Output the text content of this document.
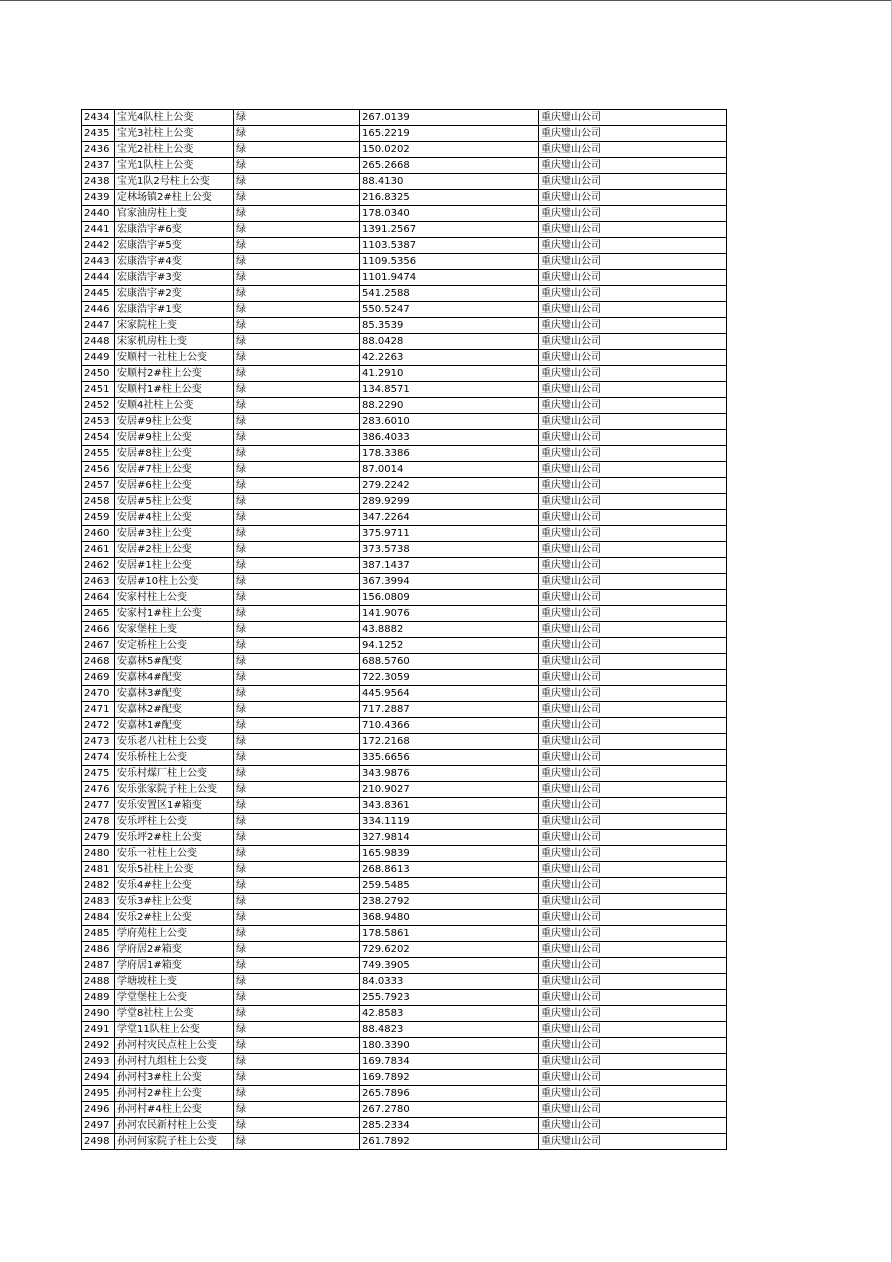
2434	宝光4队柱上公变	绿	267.0139	重庆璧山公司
2435	宝光3社柱上公变	绿	165.2219	重庆璧山公司
2436	宝光2社柱上公变	绿	150.0202	重庆璧山公司
2437	宝光1队柱上公变	绿	265.2668	重庆璧山公司
2438	宝光1队2号柱上公变	绿	88.4130	重庆璧山公司
2439	定林场镇2#柱上公变	绿	216.8325	重庆璧山公司
2440	官家油房柱上变	绿	178.0340	重庆璧山公司
2441	宏康浩宇#6变	绿	1391.2567	重庆璧山公司
2442	宏康浩宇#5变	绿	1103.5387	重庆璧山公司
2443	宏康浩宇#4变	绿	1109.5356	重庆璧山公司
2444	宏康浩宇#3变	绿	1101.9474	重庆璧山公司
2445	宏康浩宇#2变	绿	541.2588	重庆璧山公司
2446	宏康浩宇#1变	绿	550.5247	重庆璧山公司
2447	宋家院柱上变	绿	85.3539	重庆璧山公司
2448	宋家机房柱上变	绿	88.0428	重庆璧山公司
2449	安顺村一社柱上公变	绿	42.2263	重庆璧山公司
2450	安顺村2#柱上公变	绿	41.2910	重庆璧山公司
2451	安顺村1#柱上公变	绿	134.8571	重庆璧山公司
2452	安顺4社柱上公变	绿	88.2290	重庆璧山公司
2453	安居#9柱上公变	绿	283.6010	重庆璧山公司
2454	安居#9柱上公变	绿	386.4033	重庆璧山公司
2455	安居#8柱上公变	绿	178.3386	重庆璧山公司
2456	安居#7柱上公变	绿	87.0014	重庆璧山公司
2457	安居#6柱上公变	绿	279.2242	重庆璧山公司
2458	安居#5柱上公变	绿	289.9299	重庆璧山公司
2459	安居#4柱上公变	绿	347.2264	重庆璧山公司
2460	安居#3柱上公变	绿	375.9711	重庆璧山公司
2461	安居#2柱上公变	绿	373.5738	重庆璧山公司
2462	安居#1柱上公变	绿	387.1437	重庆璧山公司
2463	安居#10柱上公变	绿	367.3994	重庆璧山公司
2464	安家村柱上公变	绿	156.0809	重庆璧山公司
2465	安家村1#柱上公变	绿	141.9076	重庆璧山公司
2466	安家堡柱上变	绿	43.8882	重庆璧山公司
2467	安定桥柱上公变	绿	94.1252	重庆璧山公司
2468	安嘉林5#配变	绿	688.5760	重庆璧山公司
2469	安嘉林4#配变	绿	722.3059	重庆璧山公司
2470	安嘉林3#配变	绿	445.9564	重庆璧山公司
2471	安嘉林2#配变	绿	717.2887	重庆璧山公司
2472	安嘉林1#配变	绿	710.4366	重庆璧山公司
2473	安乐老八社柱上公变	绿	172.2168	重庆璧山公司
2474	安乐桥柱上公变	绿	335.6656	重庆璧山公司
2475	安乐村煤厂柱上公变	绿	343.9876	重庆璧山公司
2476	安乐张家院子柱上公变	绿	210.9027	重庆璧山公司
2477	安乐安置区1#箱变	绿	343.8361	重庆璧山公司
2478	安乐坪柱上公变	绿	334.1119	重庆璧山公司
2479	安乐坪2#柱上公变	绿	327.9814	重庆璧山公司
2480	安乐一社柱上公变	绿	165.9839	重庆璧山公司
2481	安乐5社柱上公变	绿	268.8613	重庆璧山公司
2482	安乐4#柱上公变	绿	259.5485	重庆璧山公司
2483	安乐3#柱上公变	绿	238.2792	重庆璧山公司
2484	安乐2#柱上公变	绿	368.9480	重庆璧山公司
2485	学府苑柱上公变	绿	178.5861	重庆璧山公司
2486	学府居2#箱变	绿	729.6202	重庆璧山公司
2487	学府居1#箱变	绿	749.3905	重庆璧山公司
2488	学塘坡柱上变	绿	84.0333	重庆璧山公司
2489	学堂堡柱上公变	绿	255.7923	重庆璧山公司
2490	学堂8社柱上公变	绿	42.8583	重庆璧山公司
2491	学堂11队柱上公变	绿	88.4823	重庆璧山公司
2492	孙河村灾民点柱上公变	绿	180.3390	重庆璧山公司
2493	孙河村九组柱上公变	绿	169.7834	重庆璧山公司
2494	孙河村3#柱上公变	绿	169.7892	重庆璧山公司
2495	孙河村2#柱上公变	绿	265.7896	重庆璧山公司
2496	孙河村#4柱上公变	绿	267.2780	重庆璧山公司
2497	孙河农民新村柱上公变	绿	285.2334	重庆璧山公司
2498	孙河何家院子柱上公变	绿	261.7892	重庆璧山公司
